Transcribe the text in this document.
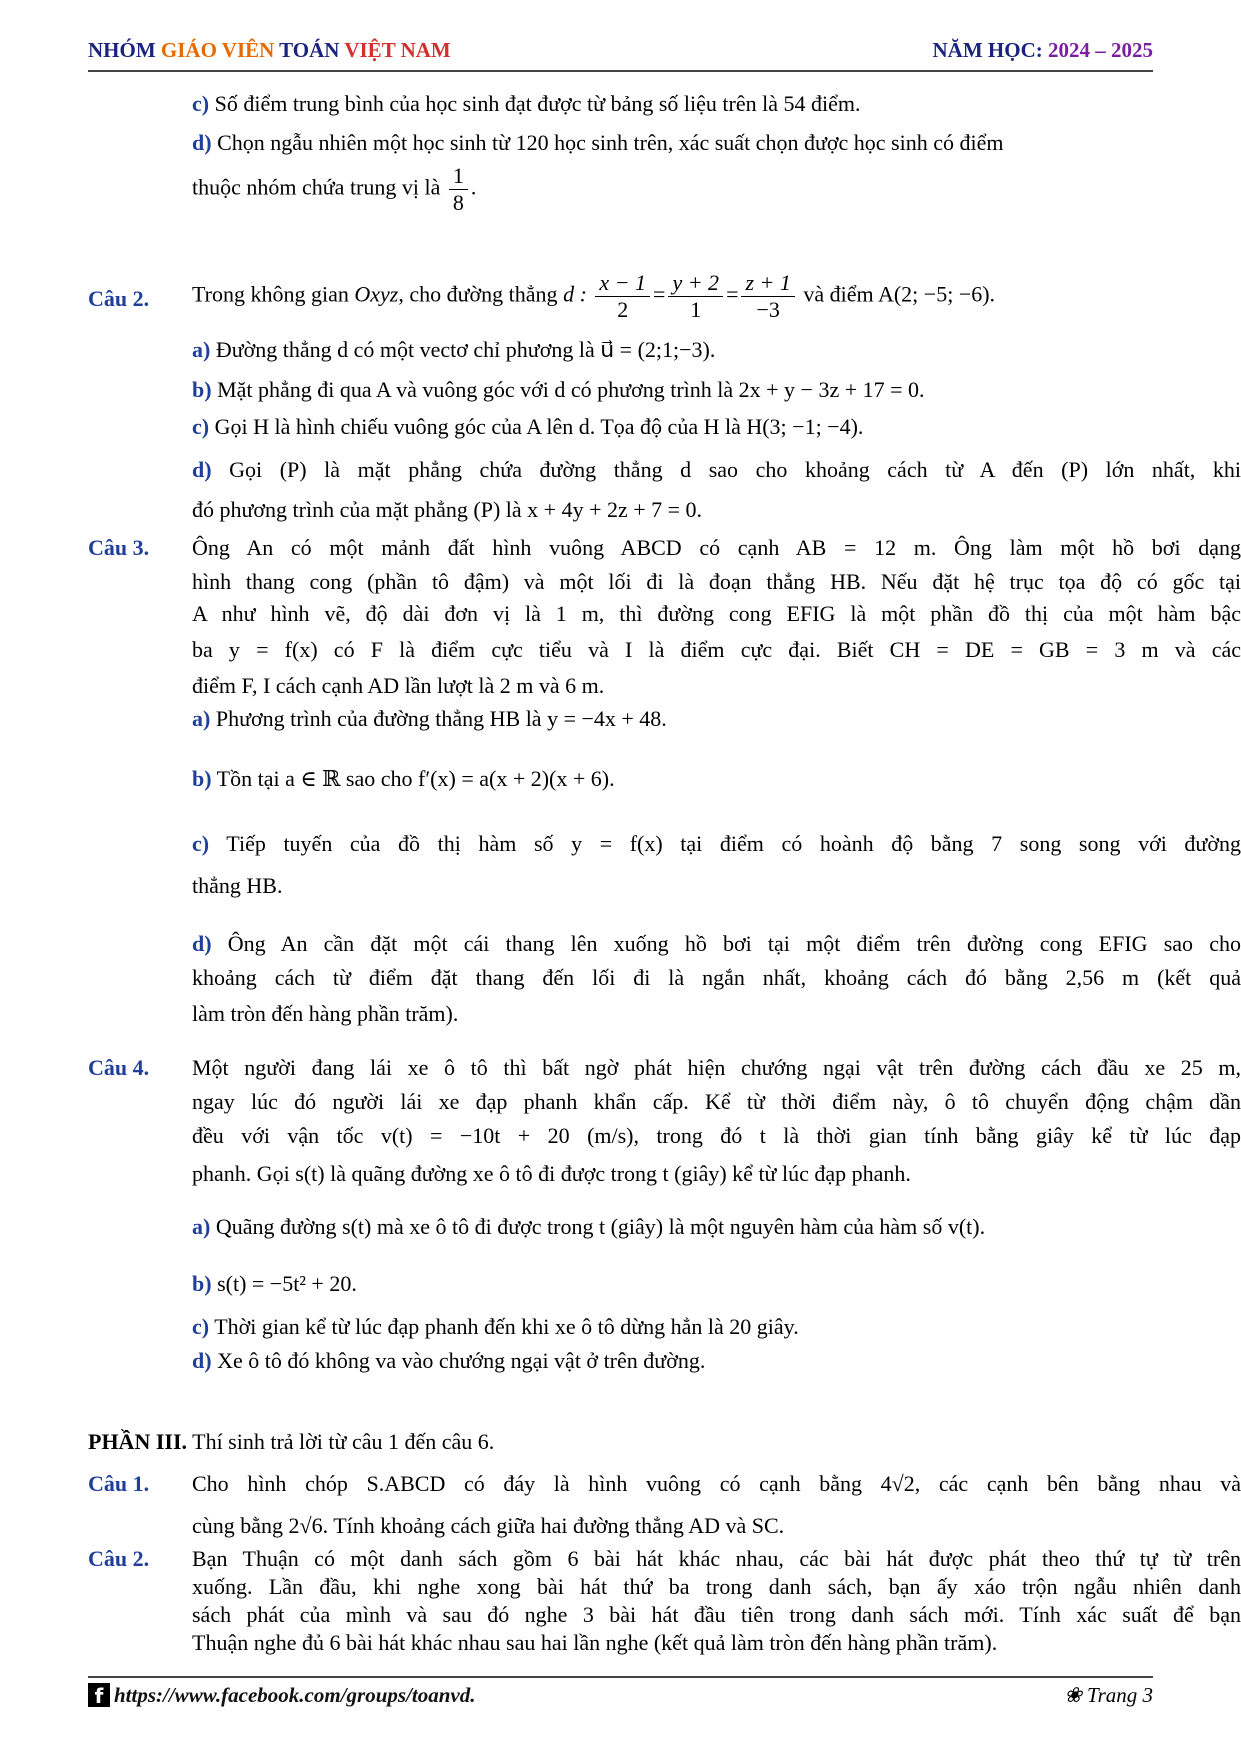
NHÓM GIÁO VIÊN TOÁN VIỆT NAM	NĂM HỌC: 2024 – 2025
c) Số điểm trung bình của học sinh đạt được từ bảng số liệu trên là 54 điểm.
d) Chọn ngẫu nhiên một học sinh từ 120 học sinh trên, xác suất chọn được học sinh có điểm
thuộc nhóm chứa trung vị là $\frac{1}{8}$ .
Câu 2. Trong không gian Oxyz, cho đường thẳng d : $\frac{x - 1}{2} = \frac{y + 2}{1} = \frac{z + 1}{-3}$ và điểm A(2; −5; −6).
a) Đường thẳng d có một vectơ chỉ phương là u⃗ = (2;1;−3).
b) Mặt phẳng đi qua A và vuông góc với d có phương trình là 2x + y − 3z + 17 = 0.
c) Gọi H là hình chiếu vuông góc của A lên d. Tọa độ của H là H(3; −1; −4).
d) Gọi (P) là mặt phẳng chứa đường thẳng d sao cho khoảng cách từ A đến (P) lớn nhất, khi
đó phương trình của mặt phẳng (P) là x + 4y + 2z + 7 = 0.
Câu 3. Ông An có một mảnh đất hình vuông ABCD có cạnh AB = 12 m. Ông làm một hồ bơi dạng
hình thang cong (phần tô đậm) và một lối đi là đoạn thẳng HB. Nếu đặt hệ trục tọa độ có gốc tại
A như hình vẽ, độ dài đơn vị là 1 m, thì đường cong EFIG là một phần đồ thị của một hàm bậc
ba y = f(x) có F là điểm cực tiểu và I là điểm cực đại. Biết CH = DE = GB = 3 m và các
điểm F, I cách cạnh AD lần lượt là 2 m và 6 m.
a) Phương trình của đường thẳng HB là y = −4x + 48.
b) Tồn tại a ∈ ℝ sao cho f′(x) = a(x + 2)(x + 6).
c) Tiếp tuyến của đồ thị hàm số y = f(x) tại điểm có hoành độ bằng 7 song song với đường
thẳng HB.
d) Ông An cần đặt một cái thang lên xuống hồ bơi tại một điểm trên đường cong EFIG sao cho
khoảng cách từ điểm đặt thang đến lối đi là ngắn nhất, khoảng cách đó bằng 2,56 m (kết quả
làm tròn đến hàng phần trăm).
Câu 4. Một người đang lái xe ô tô thì bất ngờ phát hiện chướng ngại vật trên đường cách đầu xe 25 m,
ngay lúc đó người lái xe đạp phanh khẩn cấp. Kể từ thời điểm này, ô tô chuyển động chậm dần
đều với vận tốc v(t) = −10t + 20 (m/s), trong đó t là thời gian tính bằng giây kể từ lúc đạp
phanh. Gọi s(t) là quãng đường xe ô tô đi được trong t (giây) kể từ lúc đạp phanh.
a) Quãng đường s(t) mà xe ô tô đi được trong t (giây) là một nguyên hàm của hàm số v(t).
b) s(t) = −5t² + 20.
c) Thời gian kể từ lúc đạp phanh đến khi xe ô tô dừng hẳn là 20 giây.
d) Xe ô tô đó không va vào chướng ngại vật ở trên đường.
PHẦN III. Thí sinh trả lời từ câu 1 đến câu 6.
Câu 1. Cho hình chóp S.ABCD có đáy là hình vuông có cạnh bằng 4√2, các cạnh bên bằng nhau và
cùng bằng 2√6. Tính khoảng cách giữa hai đường thẳng AD và SC.
Câu 2. Bạn Thuận có một danh sách gồm 6 bài hát khác nhau, các bài hát được phát theo thứ tự từ trên
xuống. Lần đầu, khi nghe xong bài hát thứ ba trong danh sách, bạn ấy xáo trộn ngẫu nhiên danh
sách phát của mình và sau đó nghe 3 bài hát đầu tiên trong danh sách mới. Tính xác suất để bạn
Thuận nghe đủ 6 bài hát khác nhau sau hai lần nghe (kết quả làm tròn đến hàng phần trăm).
f https://www.facebook.com/groups/toanvd.	❀ Trang 3
